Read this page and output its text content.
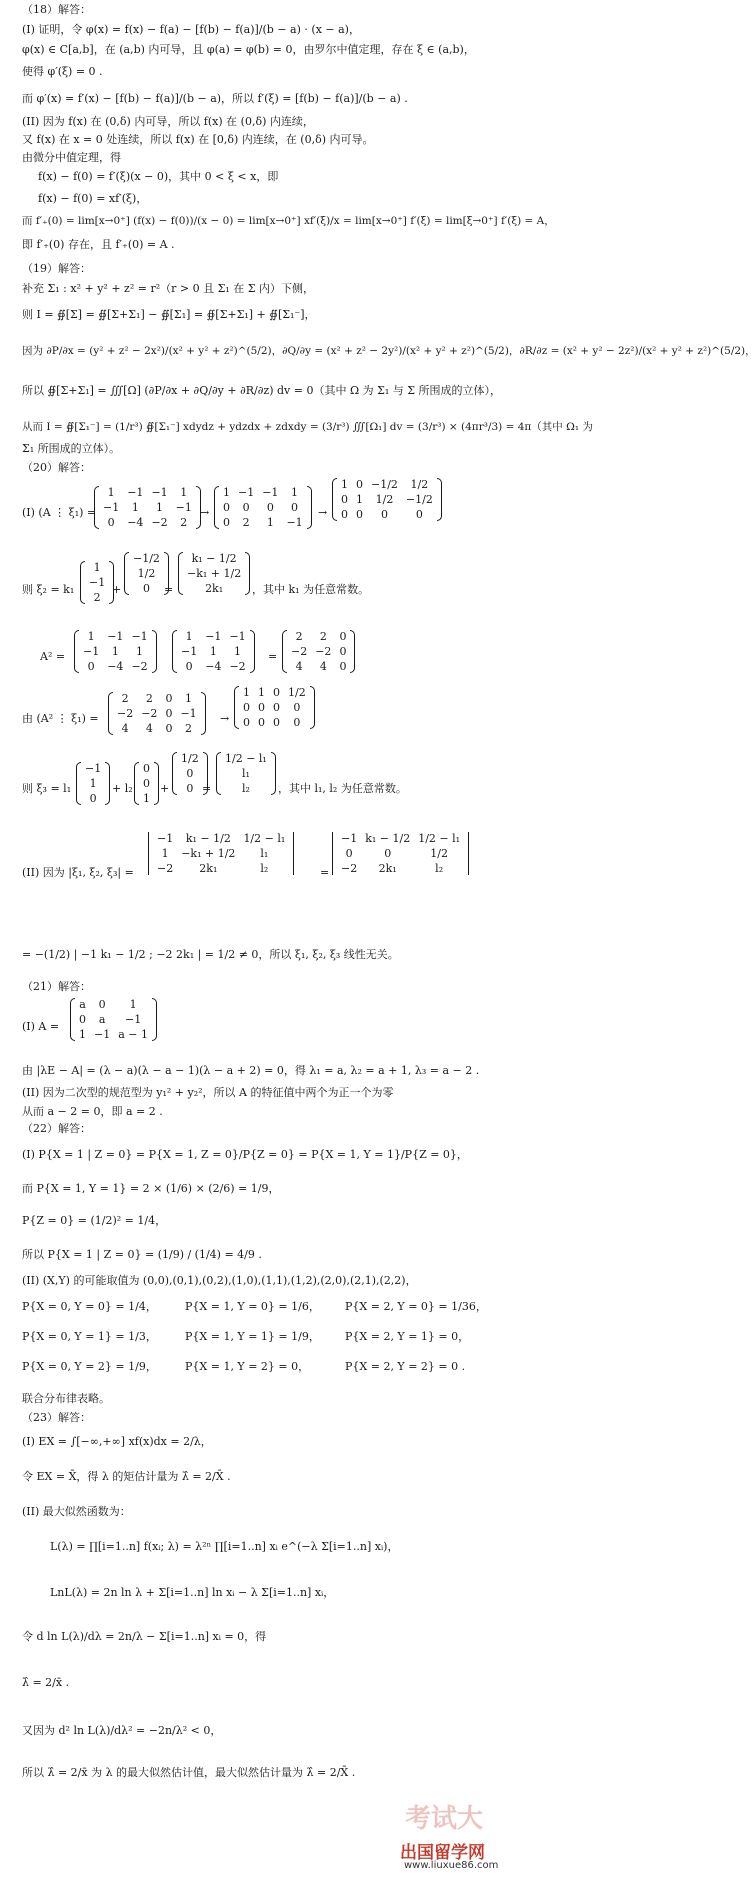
（18）解答：
(I) 证明，令 φ(x) = f(x) − f(a) − [f(b) − f(a)]/(b − a) · (x − a)，
φ(x) ∈ C[a,b]，在 (a,b) 内可导，且 φ(a) = φ(b) = 0，由罗尔中值定理，存在 ξ ∈ (a,b)，
使得 φ′(ξ) = 0 .
而 φ′(x) = f′(x) − [f(b) − f(a)]/(b − a)，所以 f′(ξ) = [f(b) − f(a)]/(b − a) .
(II) 因为 f(x) 在 (0,δ) 内可导，所以 f(x) 在 (0,δ) 内连续，
又 f(x) 在 x = 0 处连续，所以 f(x) 在 [0,δ) 内连续，在 (0,δ) 内可导。
由微分中值定理，得
f(x) − f(0) = f′(ξ)(x − 0)，其中 0 < ξ < x，即
f(x) − f(0) = xf′(ξ)，
而 f′₊(0) = lim[x→0⁺] (f(x) − f(0))/(x − 0) = lim[x→0⁺] xf′(ξ)/x = lim[x→0⁺] f′(ξ) = lim[ξ→0⁺] f′(ξ) = A，
即 f′₊(0) 存在，且 f′₊(0) = A .
（19）解答：
补充 Σ₁ : x² + y² + z² = r²（r > 0 且 Σ₁ 在 Σ 内）下侧，
则 I = ∯[Σ] = ∯[Σ+Σ₁] − ∯[Σ₁] = ∯[Σ+Σ₁] + ∯[Σ₁⁻]，
因为 ∂P/∂x = (y² + z² − 2x²)/(x² + y² + z²)^(5/2)，∂Q/∂y = (x² + z² − 2y²)/(x² + y² + z²)^(5/2)，∂R/∂z = (x² + y² − 2z²)/(x² + y² + z²)^(5/2)，
所以 ∯[Σ+Σ₁] = ∭[Ω] (∂P/∂x + ∂Q/∂y + ∂R/∂z) dv = 0（其中 Ω 为 Σ₁ 与 Σ 所围成的立体），
从而 I = ∯[Σ₁⁻] = (1/r³) ∯[Σ₁⁻] xdydz + ydzdx + zdxdy = (3/r³) ∭[Ω₁] dv = (3/r³) × (4πr³/3) = 4π（其中 Ω₁ 为
Σ₁ 所围成的立体）。
（20）解答：
(I) (A ⋮ ξ₁) =
1	−1 −1	1
−1	1	1	−1
0	−4 −2	2
→
1 −1 −1	1
0	0	0	0
0	2	1	−1
→
1 0 −1/2	1/2
0 1	1/2	−1/2
0 0	0	0
则 ξ₂ = k₁
1
−1
2
+
−1/2
1/2
0	=
k₁ − 1/2
−k₁ + 1/2
2k₁	，其中 k₁ 为任意常数。
A² =
1	−1 −1
−1	1	1
0	−4 −2
1	−1 −1
−1	1	1
0	−4 −2
=
2	2	0
−2 −2 0
4	4	0
由 (A² ⋮ ξ₁) =
2	2	0	1
−2 −2 0 −1
4	4	0	2
→
1 1 0 1/2
0 0 0	0
0 0 0	0
则 ξ₃ = l₁
−1
1
0
+ l₂
0
0
1
+
1/2
0
0 =
1/2 − l₁
l₁
l₂	，其中 l₁, l₂ 为任意常数。
(II) 因为 |ξ₁, ξ₂, ξ₃| =
−1	k₁ − 1/2	1/2 − l₁
1	−k₁ + 1/2	l₁
−2	2k₁	l₂	=
−1 k₁ − 1/2 1/2 − l₁
0	0	1/2
−2	2k₁	l₂
= −(1/2) | −1 k₁ − 1/2 ; −2 2k₁ | = 1/2 ≠ 0，所以 ξ₁, ξ₂, ξ₃ 线性无关。
（21）解答：
(I) A =
a	0	1
0	a	−1
1 −1 a − 1
由 |λE − A| = (λ − a)(λ − a − 1)(λ − a + 2) = 0，得 λ₁ = a, λ₂ = a + 1, λ₃ = a − 2 .
(II) 因为二次型的规范型为 y₁² + y₂²，所以 A 的特征值中两个为正一个为零
从而 a − 2 = 0，即 a = 2 .
（22）解答：
(I) P{X = 1 | Z = 0} = P{X = 1, Z = 0}/P{Z = 0} = P{X = 1, Y = 1}/P{Z = 0}，
而 P{X = 1, Y = 1} = 2 × (1/6) × (2/6) = 1/9，
P{Z = 0} = (1/2)² = 1/4，
所以 P{X = 1 | Z = 0} = (1/9) / (1/4) = 4/9 .
(II) (X,Y) 的可能取值为 (0,0),(0,1),(0,2),(1,0),(1,1),(1,2),(2,0),(2,1),(2,2)，
P{X = 0, Y = 0} = 1/4，	P{X = 1, Y = 0} = 1/6， P{X = 2, Y = 0} = 1/36，
P{X = 0, Y = 1} = 1/3，	P{X = 1, Y = 1} = 1/9， P{X = 2, Y = 1} = 0，
P{X = 0, Y = 2} = 1/9，	P{X = 1, Y = 2} = 0，	P{X = 2, Y = 2} = 0 .
联合分布律表略。
（23）解答：
(I) EX = ∫[−∞,+∞] xf(x)dx = 2/λ，
令 EX = X̄，得 λ 的矩估计量为 λ̂ = 2/X̄ .
(II) 最大似然函数为：
L(λ) = ∏[i=1..n] f(xᵢ; λ) = λ²ⁿ ∏[i=1..n] xᵢ e^(−λ Σ[i=1..n] xᵢ)，
LnL(λ) = 2n ln λ + Σ[i=1..n] ln xᵢ − λ Σ[i=1..n] xᵢ，
令 d ln L(λ)/dλ = 2n/λ − Σ[i=1..n] xᵢ = 0，得
λ̂ = 2/x̄ .
又因为 d² ln L(λ)/dλ² = −2n/λ² < 0，
所以 λ̂ = 2/x̄ 为 λ 的最大似然估计值，最大似然估计量为 λ̂ = 2/X̄ .
考试大
出国留学网
www.liuxue86.com
